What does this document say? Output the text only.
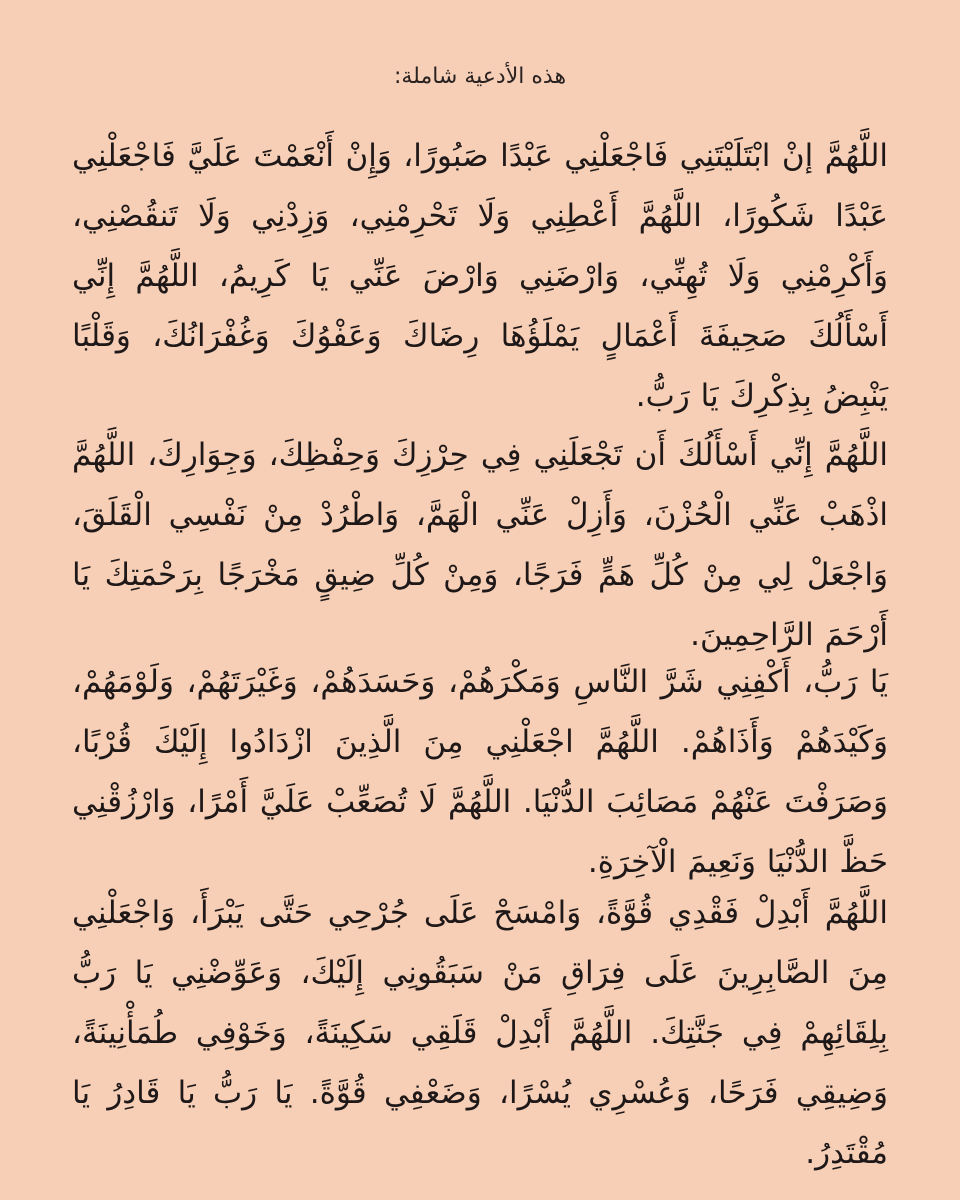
هذه الأدعية شاملة:

اللَّهُمَّ إنْ ابْتَلَيْتَنِي فَاجْعَلْنِي عَبْدًا صَبُورًا، وَإِنْ أَنْعَمْتَ عَلَيَّ فَاجْعَلْنِي عَبْدًا شَكُورًا، اللَّهُمَّ أَعْطِنِي وَلَا تَحْرِمْنِي، وَزِدْنِي وَلَا تَنقُصْنِي، وَأَكْرِمْنِي وَلَا تُهِنِّي، وَارْضَنِي وَارْضَ عَنِّي يَا كَرِيمُ، اللَّهُمَّ إِنِّي أَسْأَلُكَ صَحِيفَةَ أَعْمَالٍ يَمْلَؤُهَا رِضَاكَ وَعَفْوُكَ وَغُفْرَانُكَ، وَقَلْبًا يَنْبِضُ بِذِكْرِكَ يَا رَبُّ.

اللَّهُمَّ إِنِّي أَسْأَلُكَ أَن تَجْعَلَنِي فِي حِرْزِكَ وَحِفْظِكَ، وَجِوَارِكَ، اللَّهُمَّ اذْهَبْ عَنِّي الْحُزْنَ، وَأَزِلْ عَنِّي الْهَمَّ، وَاطْرُدْ مِنْ نَفْسِي الْقَلَقَ، وَاجْعَلْ لِي مِنْ كُلِّ هَمٍّ فَرَجًا، وَمِنْ كُلِّ ضِيقٍ مَخْرَجًا بِرَحْمَتِكَ يَا أَرْحَمَ الرَّاحِمِينَ.

يَا رَبُّ، أَكْفِنِي شَرَّ النَّاسِ وَمَكْرَهُمْ، وَحَسَدَهُمْ، وَغَيْرَتَهُمْ، وَلَوْمَهُمْ، وَكَيْدَهُمْ وَأَذَاهُمْ. اللَّهُمَّ اجْعَلْنِي مِنَ الَّذِينَ ازْدَادُوا إِلَيْكَ قُرْبًا، وَصَرَفْتَ عَنْهُمْ مَصَائِبَ الدُّنْيَا. اللَّهُمَّ لَا تُصَعِّبْ عَلَيَّ أَمْرًا، وَارْزُقْنِي حَظَّ الدُّنْيَا وَنَعِيمَ الْآخِرَةِ.

اللَّهُمَّ أَبْدِلْ فَقْدِي قُوَّةً، وَامْسَحْ عَلَى جُرْحِي حَتَّى يَبْرَأَ، وَاجْعَلْنِي مِنَ الصَّابِرِينَ عَلَى فِرَاقِ مَنْ سَبَقُونِي إِلَيْكَ، وَعَوِّضْنِي يَا رَبُّ بِلِقَائِهِمْ فِي جَنَّتِكَ. اللَّهُمَّ أَبْدِلْ قَلَقِي سَكِينَةً، وَخَوْفِي طُمَأْنِينَةً، وَضِيقِي فَرَحًا، وَعُسْرِي يُسْرًا، وَضَعْفِي قُوَّةً. يَا رَبُّ يَا قَادِرُ يَا مُقْتَدِرُ.
